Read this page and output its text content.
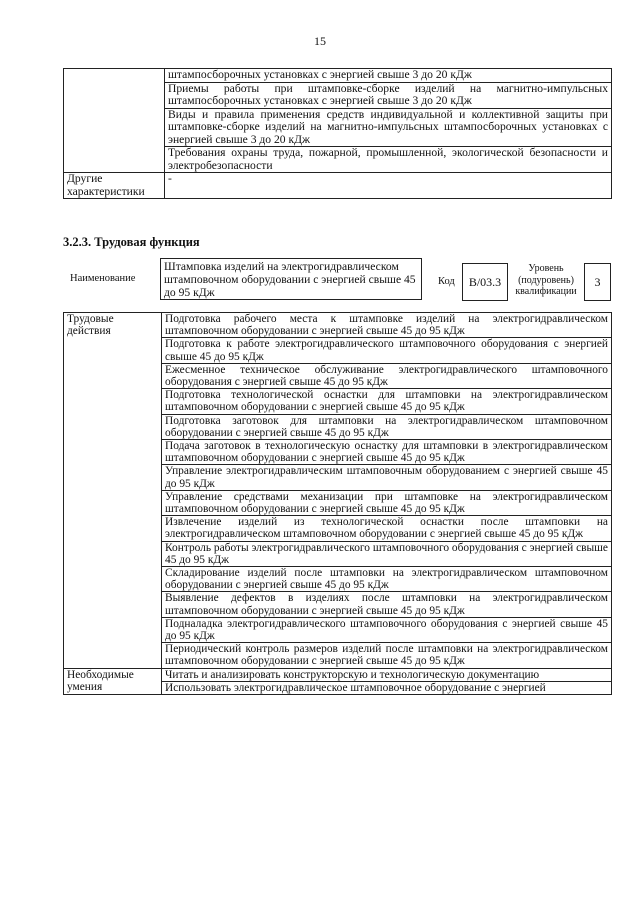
15
	штампосборочных установках с энергией свыше 3 до 20 кДж
	Приемы работы при штамповке-сборке изделий на магнитно-импульсных штампосборочных установках с энергией свыше 3 до 20 кДж
	Виды и правила применения средств индивидуальной и коллективной защиты при штамповке-сборке изделий на магнитно-импульсных штампосборочных установках с энергией свыше 3 до 20 кДж
	Требования охраны труда, пожарной, промышленной, экологической безопасности и электробезопасности
Другие характеристики	-
3.2.3. Трудовая функция
Наименование
Штамповка изделий на электрогидравлическом штамповочном оборудовании с энергией свыше 45 до 95 кДж
Код	B/03.3
Уровень (подуровень) квалификации
3
Трудовые действия	Подготовка рабочего места к штамповке изделий на электрогидравлическом штамповочном оборудовании с энергией свыше 45 до 95 кДж
	Подготовка к работе электрогидравлического штамповочного оборудования с энергией свыше 45 до 95 кДж
	Ежесменное техническое обслуживание электрогидравлического штамповочного оборудования с энергией свыше 45 до 95 кДж
	Подготовка технологической оснастки для штамповки на электрогидравлическом штамповочном оборудовании с энергией свыше 45 до 95 кДж
	Подготовка заготовок для штамповки на электрогидравлическом штамповочном оборудовании с энергией свыше 45 до 95 кДж
	Подача заготовок в технологическую оснастку для штамповки в электрогидравлическом штамповочном оборудовании с энергией свыше 45 до 95 кДж
	Управление электрогидравлическим штамповочным оборудованием с энергией свыше 45 до 95 кДж
	Управление средствами механизации при штамповке на электрогидравлическом штамповочном оборудовании с энергией свыше 45 до 95 кДж
	Извлечение изделий из технологической оснастки после штамповки на электрогидравлическом штамповочном оборудовании с энергией свыше 45 до 95 кДж
	Контроль работы электрогидравлического штамповочного оборудования с энергией свыше 45 до 95 кДж
	Складирование изделий после штамповки на электрогидравлическом штамповочном оборудовании с энергией свыше 45 до 95 кДж
	Выявление дефектов в изделиях после штамповки на электрогидравлическом штамповочном оборудовании с энергией свыше 45 до 95 кДж
	Подналадка электрогидравлического штамповочного оборудования с энергией свыше 45 до 95 кДж
	Периодический контроль размеров изделий после штамповки на электрогидравлическом штамповочном оборудовании с энергией свыше 45 до 95 кДж
Необходимые умения	Читать и анализировать конструкторскую и технологическую документацию
	Использовать электрогидравлическое штамповочное оборудование с энергией
